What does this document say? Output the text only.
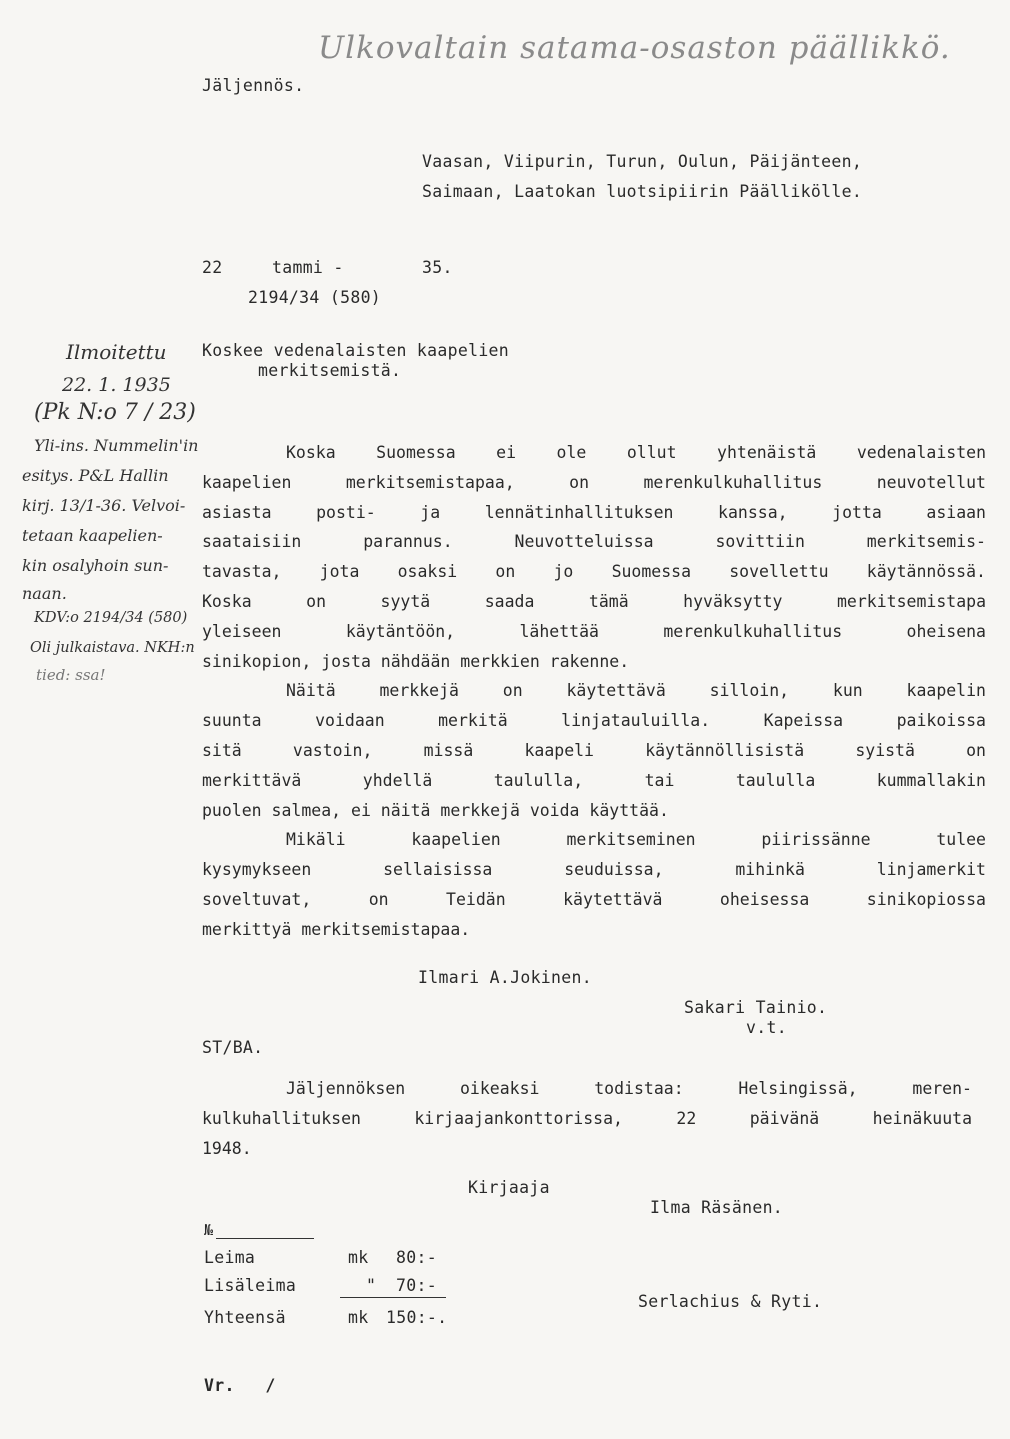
Ulkovaltain satama-osaston päällikkö.
Jäljennös.
Vaasan, Viipurin, Turun, Oulun, Päijänteen,
Saimaan, Laatokan luotsipiirin Päällikölle.
22	tammi -	35.
2194/34 (580)
Koskee vedenalaisten kaapelien
merkitsemistä.
Ilmoitettu
22. 1. 1935
(Pk N:o 7 / 23)
Yli-ins. Nummelin'in
esitys. P&L Hallin
kirj. 13/1-36. Velvoi-
tetaan kaapelien-
kin osalyhoin sun-
naan.
KDV:o 2194/34 (580)
Oli julkaistava. NKH:n
tied: ssa!
Koska Suomessa ei ole ollut yhtenäistä vedenalaisten
kaapelien merkitsemistapaa, on merenkulkuhallitus neuvotellut
asiasta posti- ja lennätinhallituksen kanssa, jotta asiaan
saataisiin parannus. Neuvotteluissa sovittiin merkitsemis-
tavasta, jota osaksi on jo Suomessa sovellettu käytännössä.
Koska on syytä saada tämä hyväksytty merkitsemistapa
yleiseen käytäntöön, lähettää merenkulkuhallitus oheisena
sinikopion, josta nähdään merkkien rakenne.
Näitä merkkejä on käytettävä silloin, kun kaapelin
suunta voidaan merkitä linjatauluilla. Kapeissa paikoissa
sitä vastoin, missä kaapeli käytännöllisistä syistä on
merkittävä yhdellä taululla, tai taululla kummallakin
puolen salmea, ei näitä merkkejä voida käyttää.
Mikäli kaapelien merkitseminen piirissänne tulee
kysymykseen sellaisissa seuduissa, mihinkä linjamerkit
soveltuvat, on Teidän käytettävä oheisessa sinikopiossa
merkittyä merkitsemistapaa.
Ilmari A.Jokinen.
Sakari Tainio.
v.t.
ST/BA.
Jäljennöksen oikeaksi todistaa: Helsingissä, meren-
kulkuhallituksen kirjaajankonttorissa, 22 päivänä heinäkuuta
1948.
Kirjaaja
Ilma Räsänen.
№
Leima	mk 80:-
Lisäleima	" 70:-
Yhteensä	mk 150:-.
Serlachius & Ryti.
Vr.   /
